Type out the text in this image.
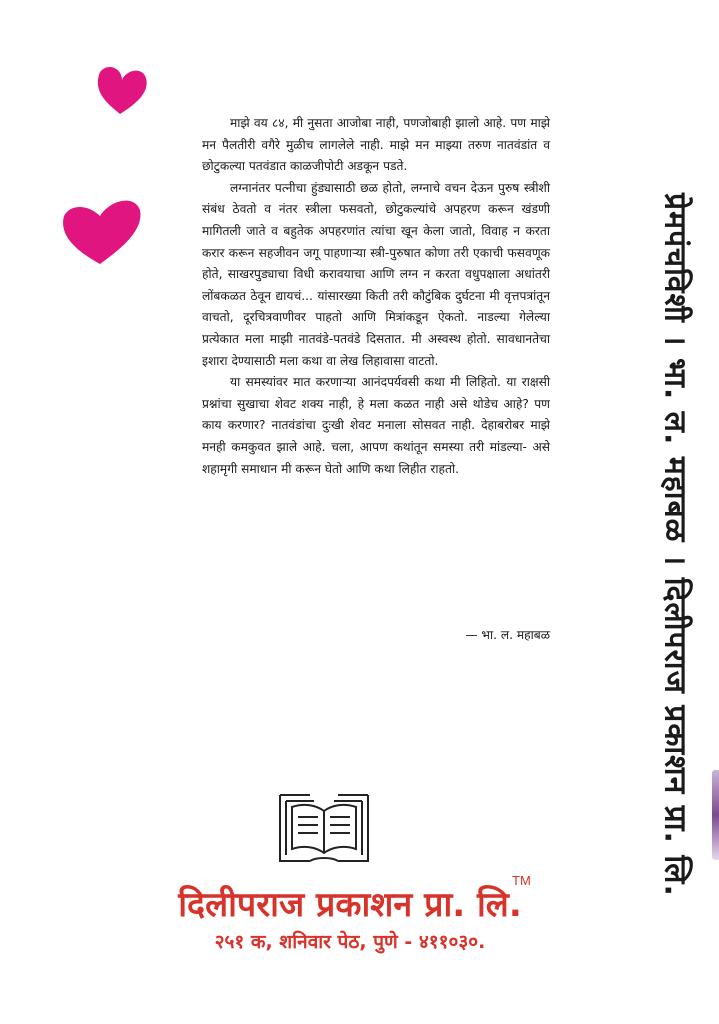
माझे वय ८४, मी नुसता आजोबा नाही, पणजोबाही झालो आहे. पण माझे मन पैलतीरी वगैरे मुळीच लागलेले नाही. माझे मन माझ्या तरुण नातवंडांत व छोटुकल्या पतवंडात काळजीपोटी अडकून पडते.

लग्नानंतर पत्नीचा हुंड्यासाठी छळ होतो, लग्नाचे वचन देऊन पुरुष स्त्रीशी संबंध ठेवतो व नंतर स्त्रीला फसवतो, छोटुकल्यांचे अपहरण करून खंडणी मागितली जाते व बहुतेक अपहरणांत त्यांचा खून केला जातो, विवाह न करता करार करून सहजीवन जगू पाहणाऱ्या स्त्री-पुरुषात कोणा तरी एकाची फसवणूक होते, साखरपुड्याचा विधी करावयाचा आणि लग्न न करता वधुपक्षाला अधांतरी लोंबकळत ठेवून द्यायचं... यांसारख्या किती तरी कौटुंबिक दुर्घटना मी वृत्तपत्रांतून वाचतो, दूरचित्रवाणीवर पाहतो आणि मित्रांकडून ऐकतो. नाडल्या गेलेल्या प्रत्येकात मला माझी नातवंडे-पतवंडे दिसतात. मी अस्वस्थ होतो. सावधानतेचा इशारा देण्यासाठी मला कथा वा लेख लिहावासा वाटतो.

या समस्यांवर मात करणाऱ्या आनंदपर्यवसी कथा मी लिहितो. या राक्षसी प्रश्नांचा सुखाचा शेवट शक्य नाही, हे मला कळत नाही असे थोडेच आहे? पण काय करणार? नातवंडांचा दुःखी शेवट मनाला सोसवत नाही. देहाबरोबर माझे मनही कमकुवत झाले आहे. चला, आपण कथांतून समस्या तरी मांडल्या- असे शहामृगी समाधान मी करून घेतो आणि कथा लिहीत राहतो.

— भा. ल. महाबळ	प्रेमपंचविशी । भा. ल. महाबळ । दिलीपराज प्रकाशन प्रा. लि.
दिलीपराज प्रकाशन प्रा. लि.
TM
२५१ क, शनिवार पेठ, पुणे - ४११०३०.
